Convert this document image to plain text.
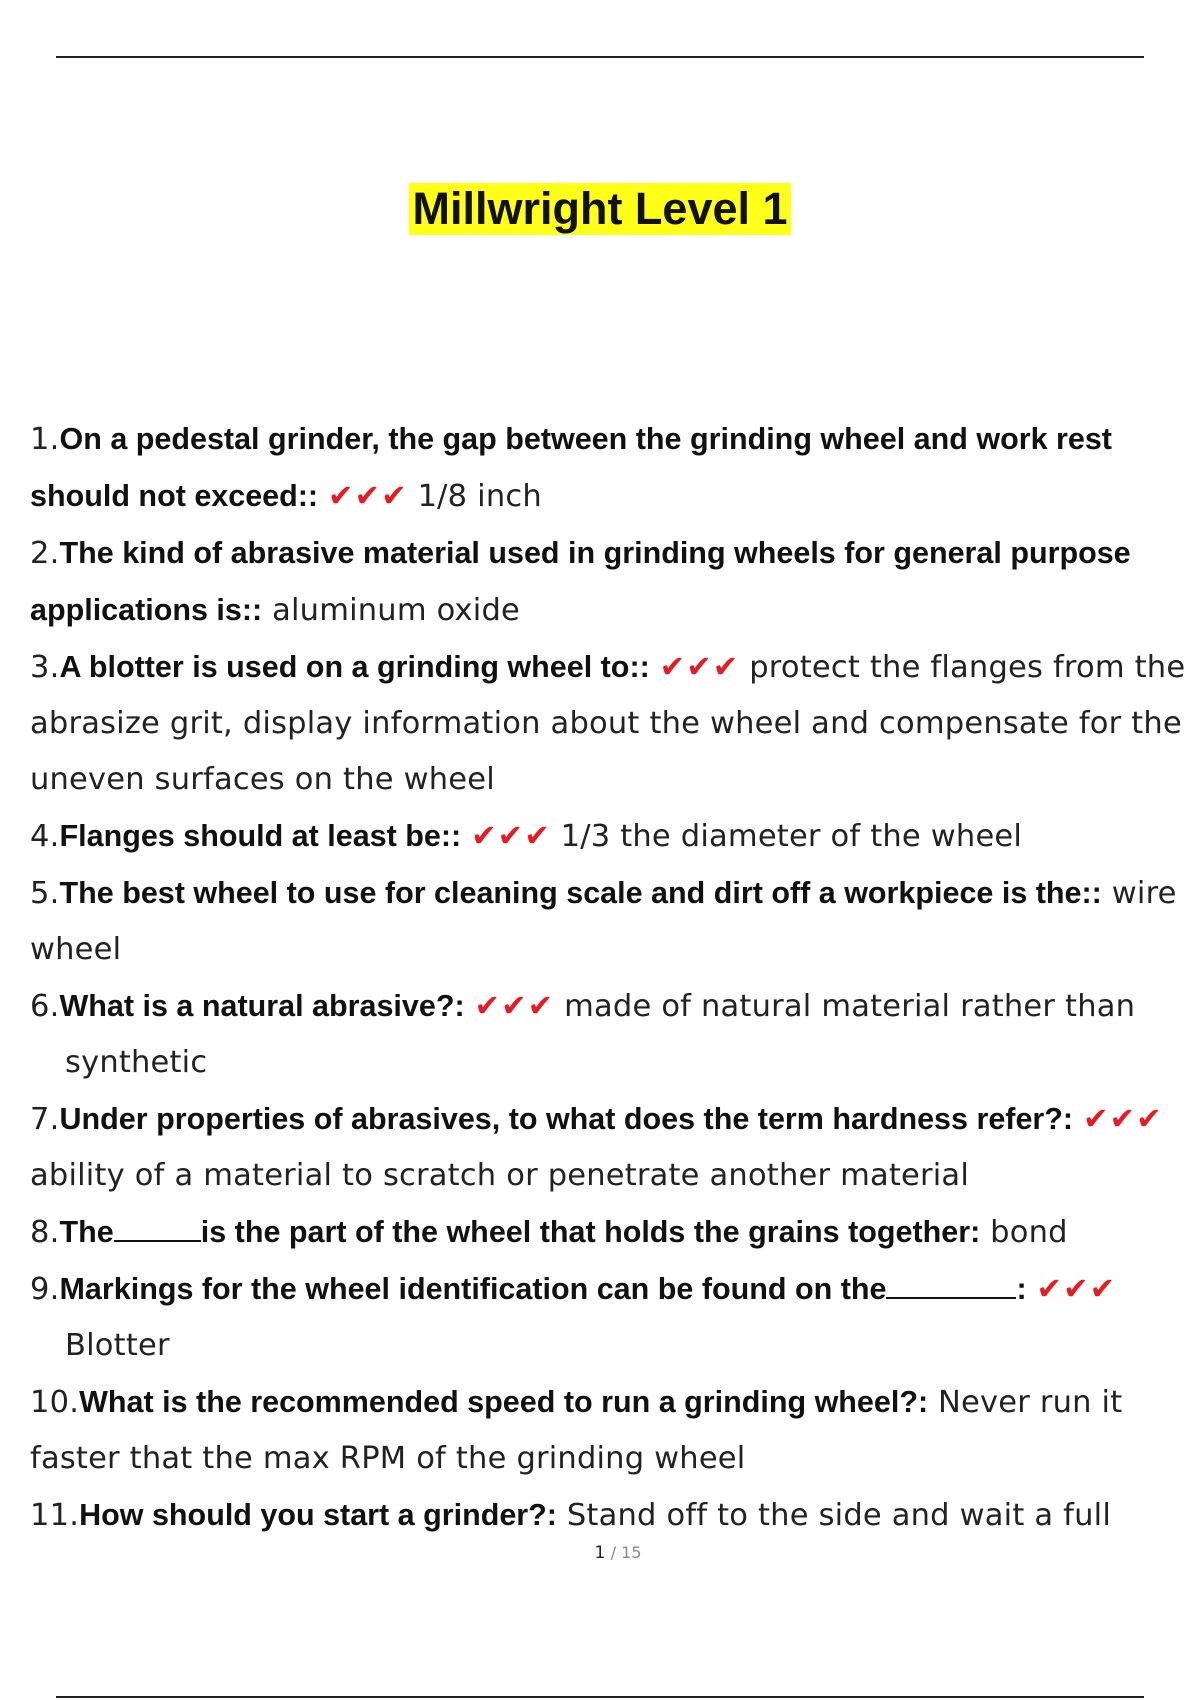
Millwright Level 1
1.On a pedestal grinder, the gap between the grinding wheel and work rest should not exceed:: ✔✔✔ 1/8 inch
2.The kind of abrasive material used in grinding wheels for general purpose applications is:: aluminum oxide
3.A blotter is used on a grinding wheel to:: ✔✔✔ protect the flanges from the abrasize grit, display information about the wheel and compensate for the uneven surfaces on the wheel
4.Flanges should at least be:: ✔✔✔ 1/3 the diameter of the wheel
5.The best wheel to use for cleaning scale and dirt off a workpiece is the:: wire wheel
6.What is a natural abrasive?: ✔✔✔ made of natural material rather than synthetic
7.Under properties of abrasives, to what does the term hardness refer?: ✔✔✔ ability of a material to scratch or penetrate another material
8.The	is the part of the wheel that holds the grains together: bond
9.Markings for the wheel identification can be found on the	: ✔✔✔ Blotter
10.What is the recommended speed to run a grinding wheel?: Never run it faster that the max RPM of the grinding wheel
11.How should you start a grinder?: Stand off to the side and wait a full
1 / 15
